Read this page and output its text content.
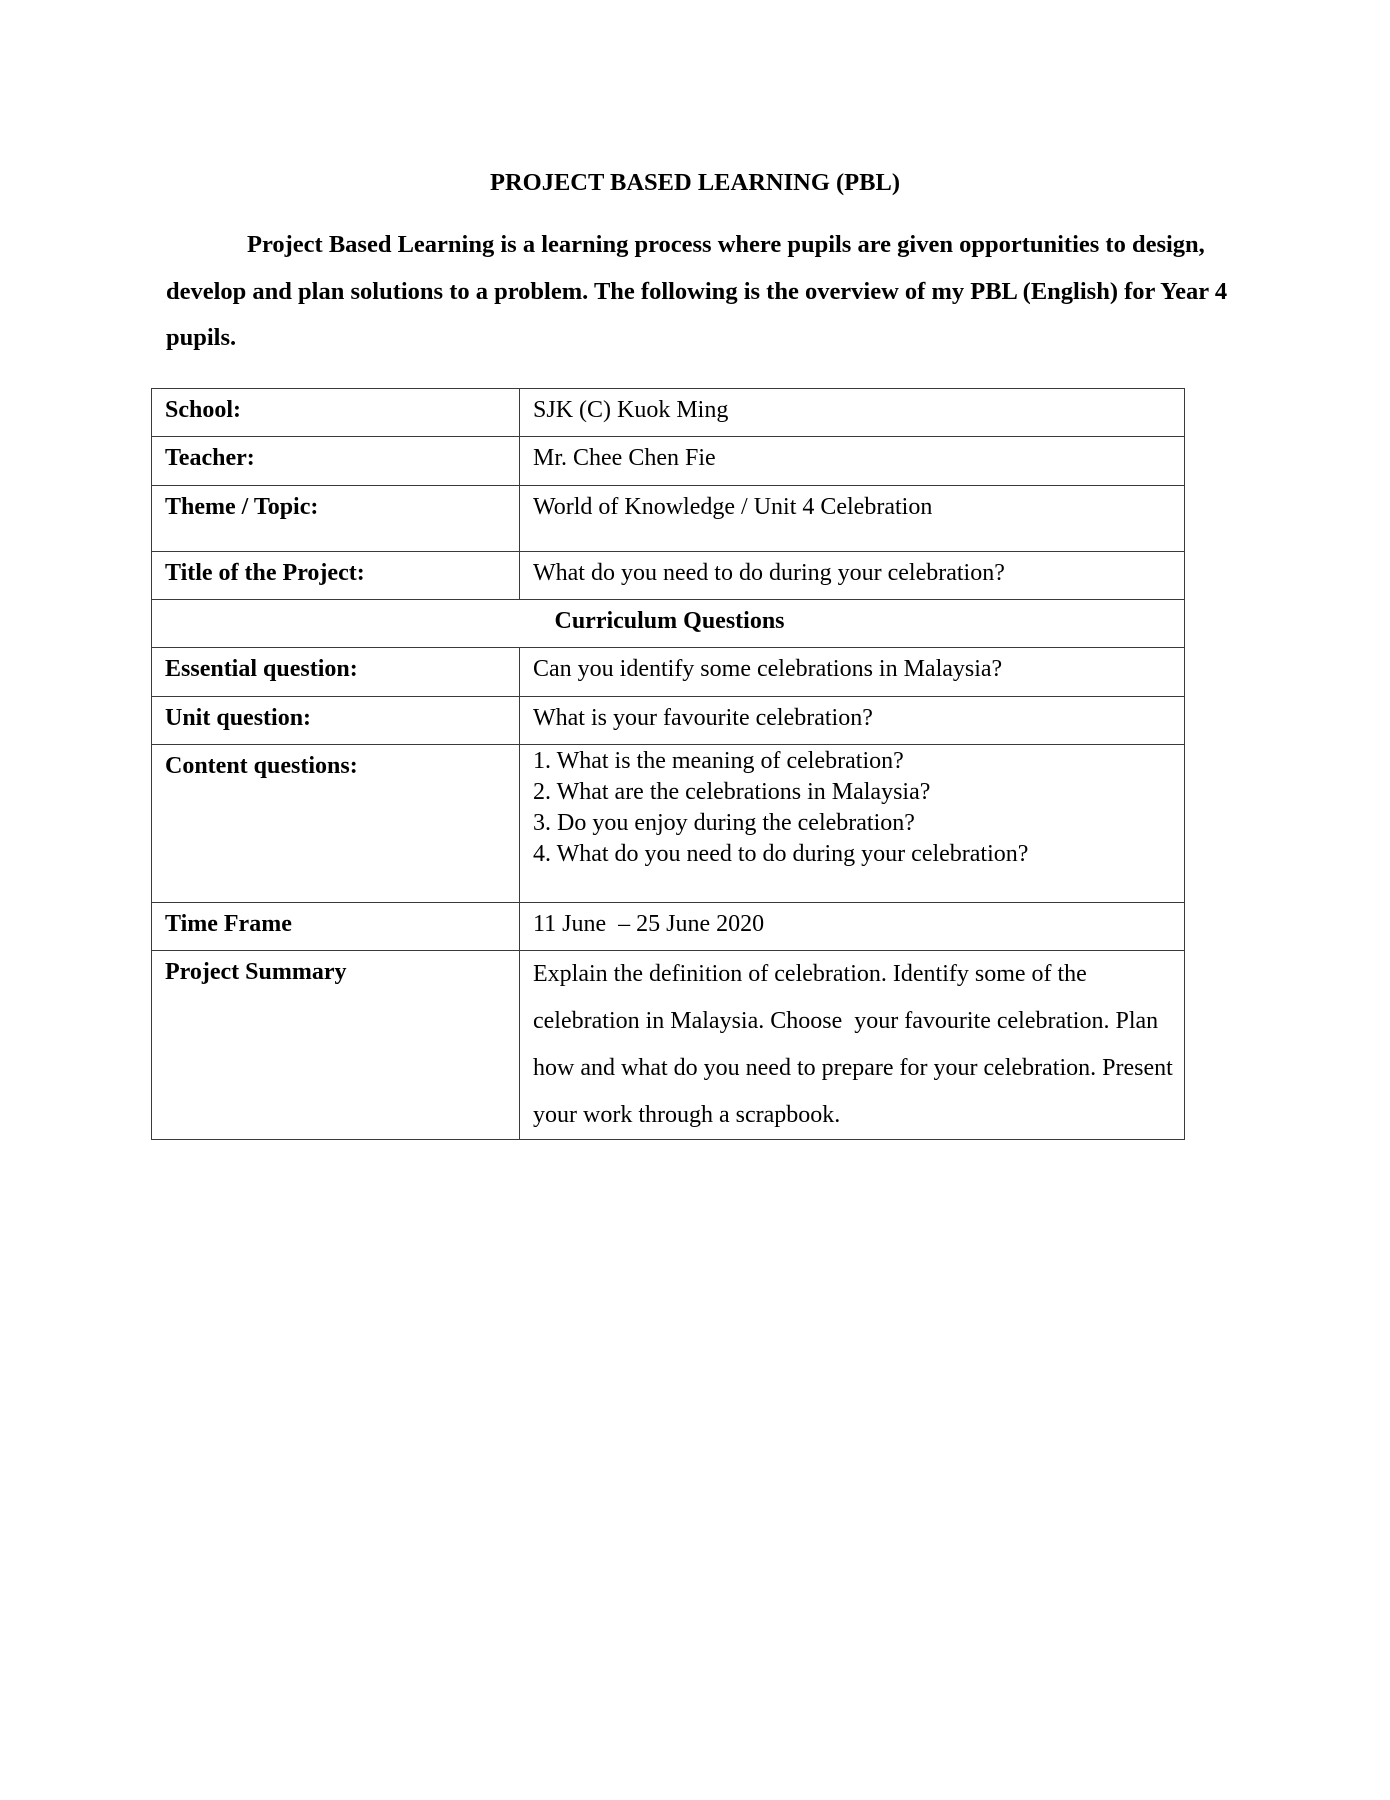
PROJECT BASED LEARNING (PBL)

Project Based Learning is a learning process where pupils are given opportunities to design, develop and plan solutions to a problem. The following is the overview of my PBL (English) for Year 4 pupils.

School:	SJK (C) Kuok Ming

Teacher:	Mr. Chee Chen Fie

Theme / Topic:	World of Knowledge / Unit 4 Celebration

Title of the Project:	What do you need to do during your celebration?

Curriculum Questions	

Essential question:	Can you identify some celebrations in Malaysia?

Unit question:	What is your favourite celebration?

Content questions:	1. What is the meaning of celebration?
2. What are the celebrations in Malaysia?
3. Do you enjoy during the celebration?
4. What do you need to do during your celebration?

Time Frame	11 June  – 25 June 2020

Project Summary	Explain the definition of celebration. Identify some of the celebration in Malaysia. Choose  your favourite celebration. Plan how and what do you need to prepare for your celebration. Present your work through a scrapbook.
